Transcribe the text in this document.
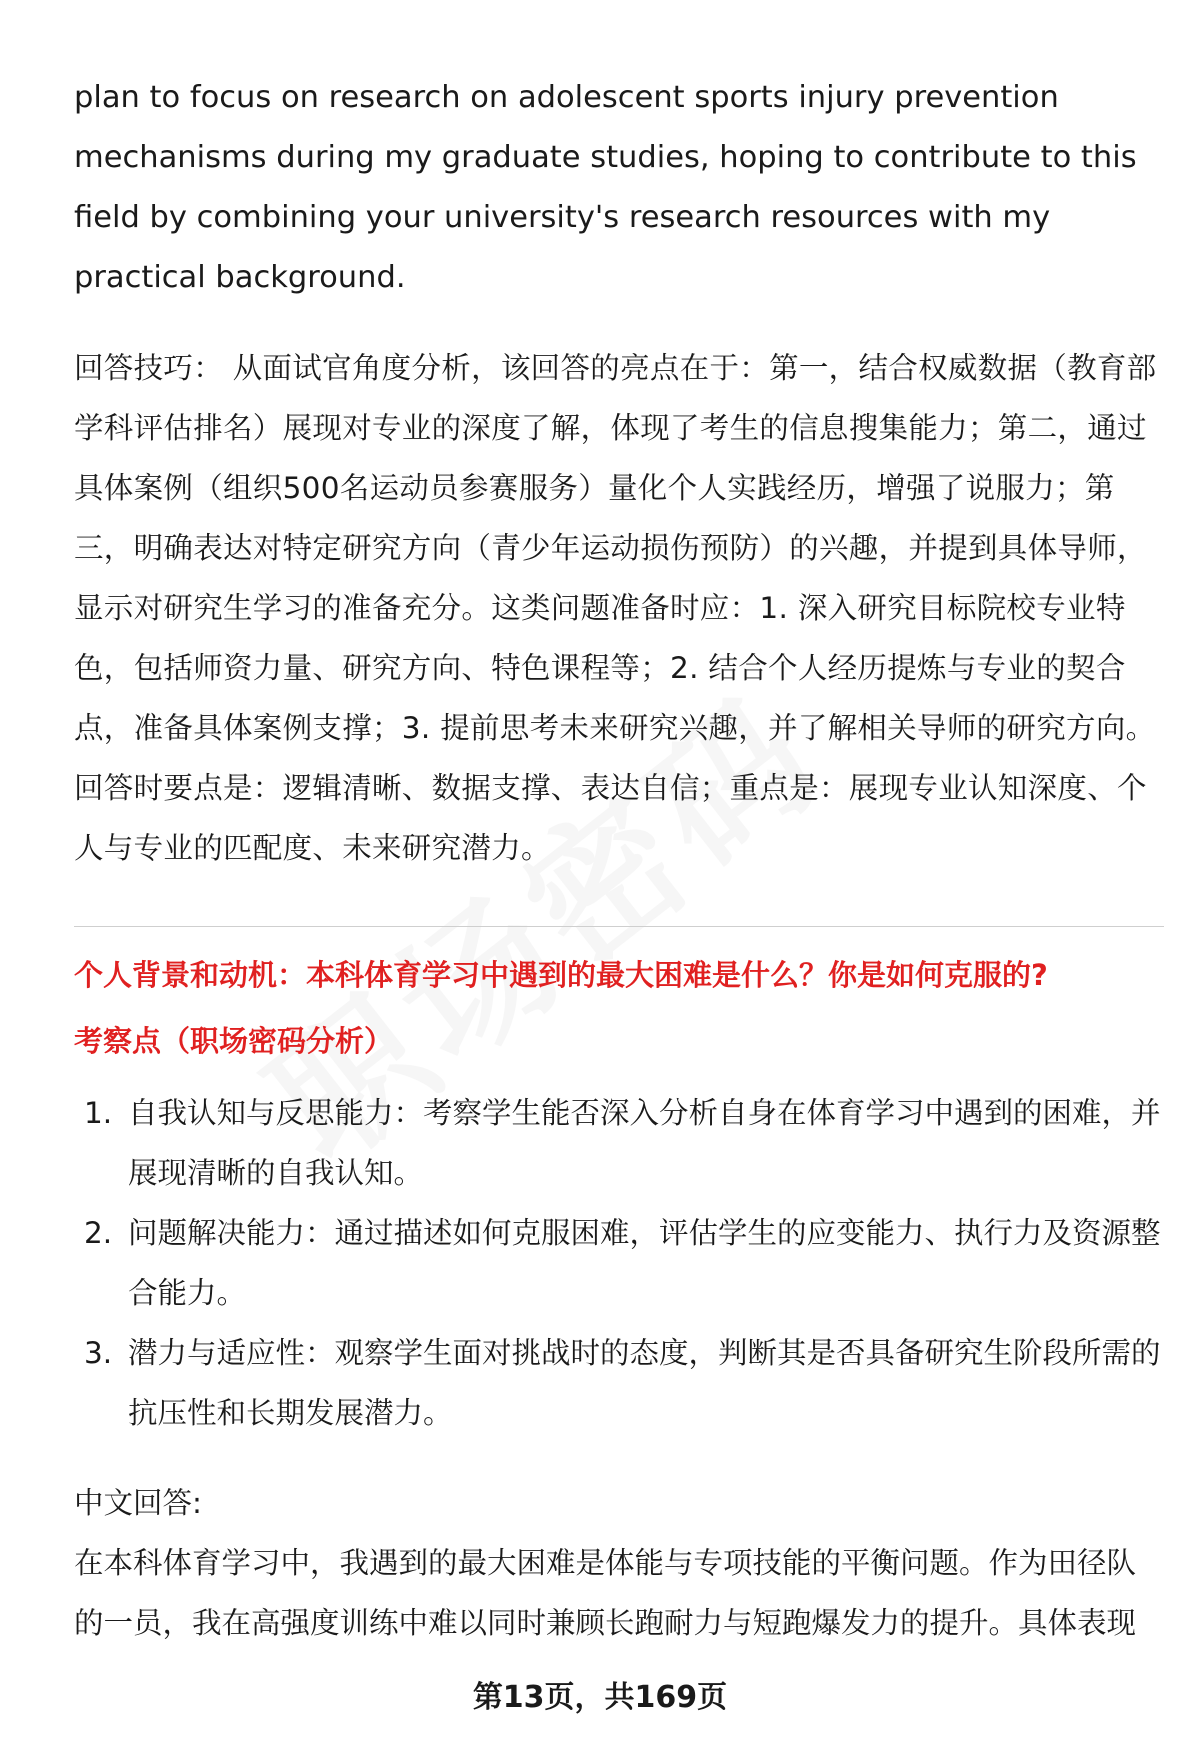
plan to focus on research on adolescent sports injury prevention mechanisms during my graduate studies, hoping to contribute to this field by combining your university's research resources with my practical background.

回答技巧： 从面试官角度分析，该回答的亮点在于：第一，结合权威数据（教育部学科评估排名）展现对专业的深度了解，体现了考生的信息搜集能力；第二，通过具体案例（组织500名运动员参赛服务）量化个人实践经历，增强了说服力；第三，明确表达对特定研究方向（青少年运动损伤预防）的兴趣，并提到具体导师，显示对研究生学习的准备充分。这类问题准备时应：1. 深入研究目标院校专业特色，包括师资力量、研究方向、特色课程等；2. 结合个人经历提炼与专业的契合点，准备具体案例支撑；3. 提前思考未来研究兴趣，并了解相关导师的研究方向。回答时要点是：逻辑清晰、数据支撑、表达自信；重点是：展现专业认知深度、个人与专业的匹配度、未来研究潜力。

个人背景和动机：本科体育学习中遇到的最大困难是什么？你是如何克服的?
考察点（职场密码分析）
1. 自我认知与反思能力：考察学生能否深入分析自身在体育学习中遇到的困难，并展现清晰的自我认知。
2. 问题解决能力：通过描述如何克服困难，评估学生的应变能力、执行力及资源整合能力。
3. 潜力与适应性：观察学生面对挑战时的态度，判断其是否具备研究生阶段所需的抗压性和长期发展潜力。

中文回答:

在本科体育学习中，我遇到的最大困难是体能与专项技能的平衡问题。作为田径队的一员，我在高强度训练中难以同时兼顾长跑耐力与短跑爆发力的提升。具体表现

第13页，共169页
